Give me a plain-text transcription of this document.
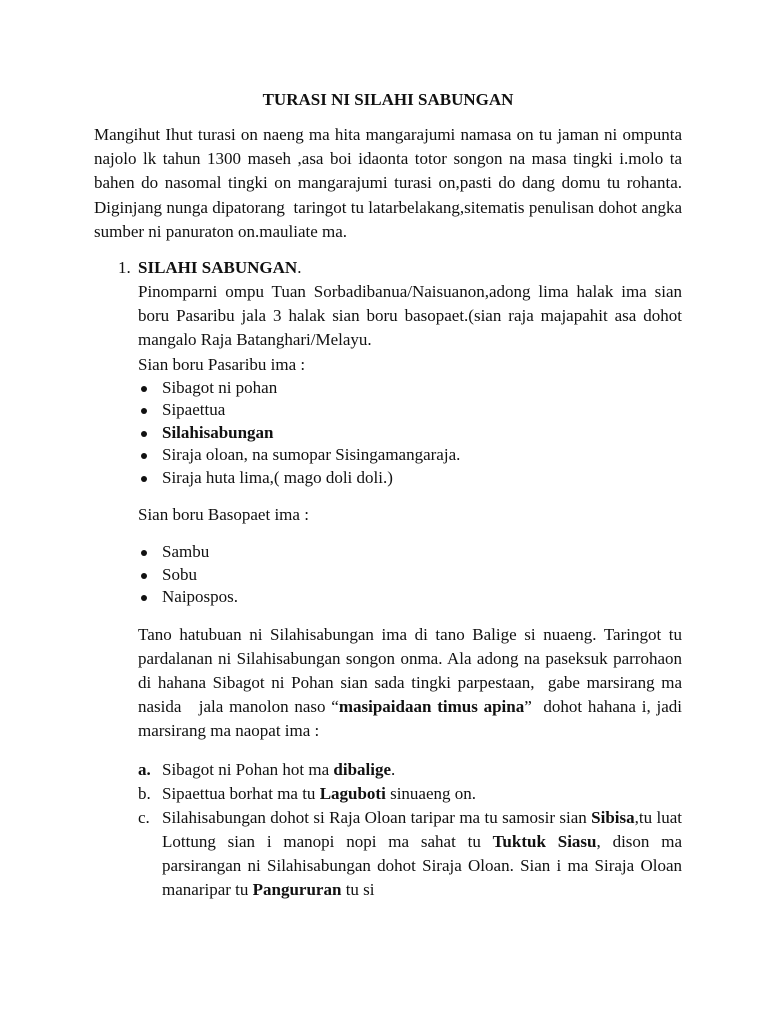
TURASI NI SILAHI SABUNGAN

Mangihut Ihut turasi on naeng ma hita mangarajumi namasa on tu jaman ni ompunta   najolo lk tahun 1300 maseh ,asa boi idaonta totor songon na masa tingki i.molo ta bahen do nasomal tingki on mangarajumi turasi on,pasti do dang domu tu rohanta. Diginjang nunga dipatorang  taringot tu latarbelakang,sitematis penulisan dohot angka sumber ni panuraton on.mauliate ma.

1. SILAHI SABUNGAN.

Pinomparni ompu Tuan Sorbadibanua/Naisuanon,adong lima halak ima sian boru Pasaribu jala 3 halak sian boru basopaet.(sian raja majapahit asa dohot mangalo Raja Batanghari/Melayu.

Sian boru Pasaribu ima :

Sibagot ni pohan
Sipaettua
Silahisabungan
Siraja oloan, na sumopar Sisingamangaraja.
Siraja huta lima,( mago doli doli.)

Sian boru Basopaet ima :

Sambu
Sobu
Naipospos.

Tano hatubuan ni Silahisabungan ima di tano Balige si nuaeng. Taringot tu pardalanan ni Silahisabungan songon onma. Ala adong na paseksuk parrohaon di hahana Sibagot ni Pohan sian sada tingki parpestaan,  gabe marsirang ma nasida   jala manolon naso “masipaidaan timus apina”  dohot hahana i, jadi marsirang ma naopat ima :

a. Sibagot ni Pohan hot ma dibalige.
b. Sipaettua borhat ma tu Laguboti sinuaeng on.
c. Silahisabungan dohot si Raja Oloan taripar ma tu samosir sian Sibisa,tu luat Lottung sian i manopi nopi ma sahat tu Tuktuk Siasu, dison ma parsirangan ni Silahisabungan dohot Siraja Oloan. Sian i ma Siraja Oloan manaripar tu Pangururan tu si
